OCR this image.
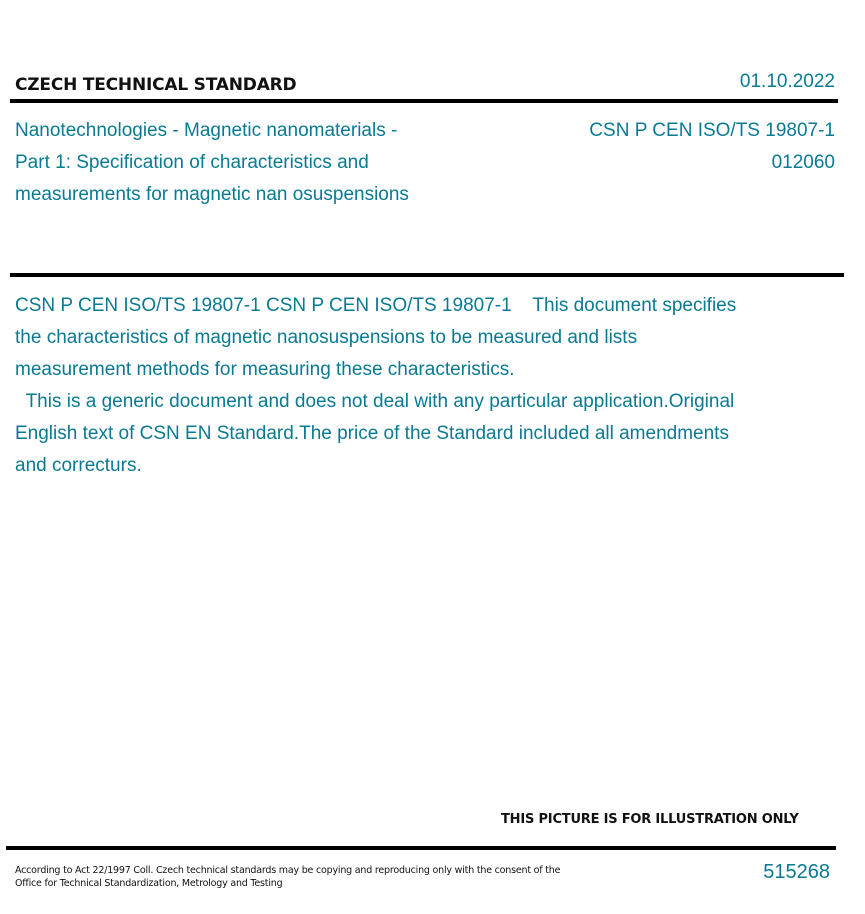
CZECH TECHNICAL STANDARD	01.10.2022
Nanotechnologies - Magnetic nanomaterials - Part 1: Specification of characteristics and measurements for magnetic nan osuspensions
CSN P CEN ISO/TS 19807-1
012060
CSN P CEN ISO/TS 19807-1 CSN P CEN ISO/TS 19807-1    This document specifies the characteristics of magnetic nanosuspensions to be measured and lists measurement methods for measuring these characteristics.
This is a generic document and does not deal with any particular application.Original English text of CSN EN Standard.The price of the Standard included all amendments and correcturs.
THIS PICTURE IS FOR ILLUSTRATION ONLY
According to Act 22/1997 Coll. Czech technical standards may be copying and reproducing only with the consent of the Office for Technical Standardization, Metrology and Testing
515268
